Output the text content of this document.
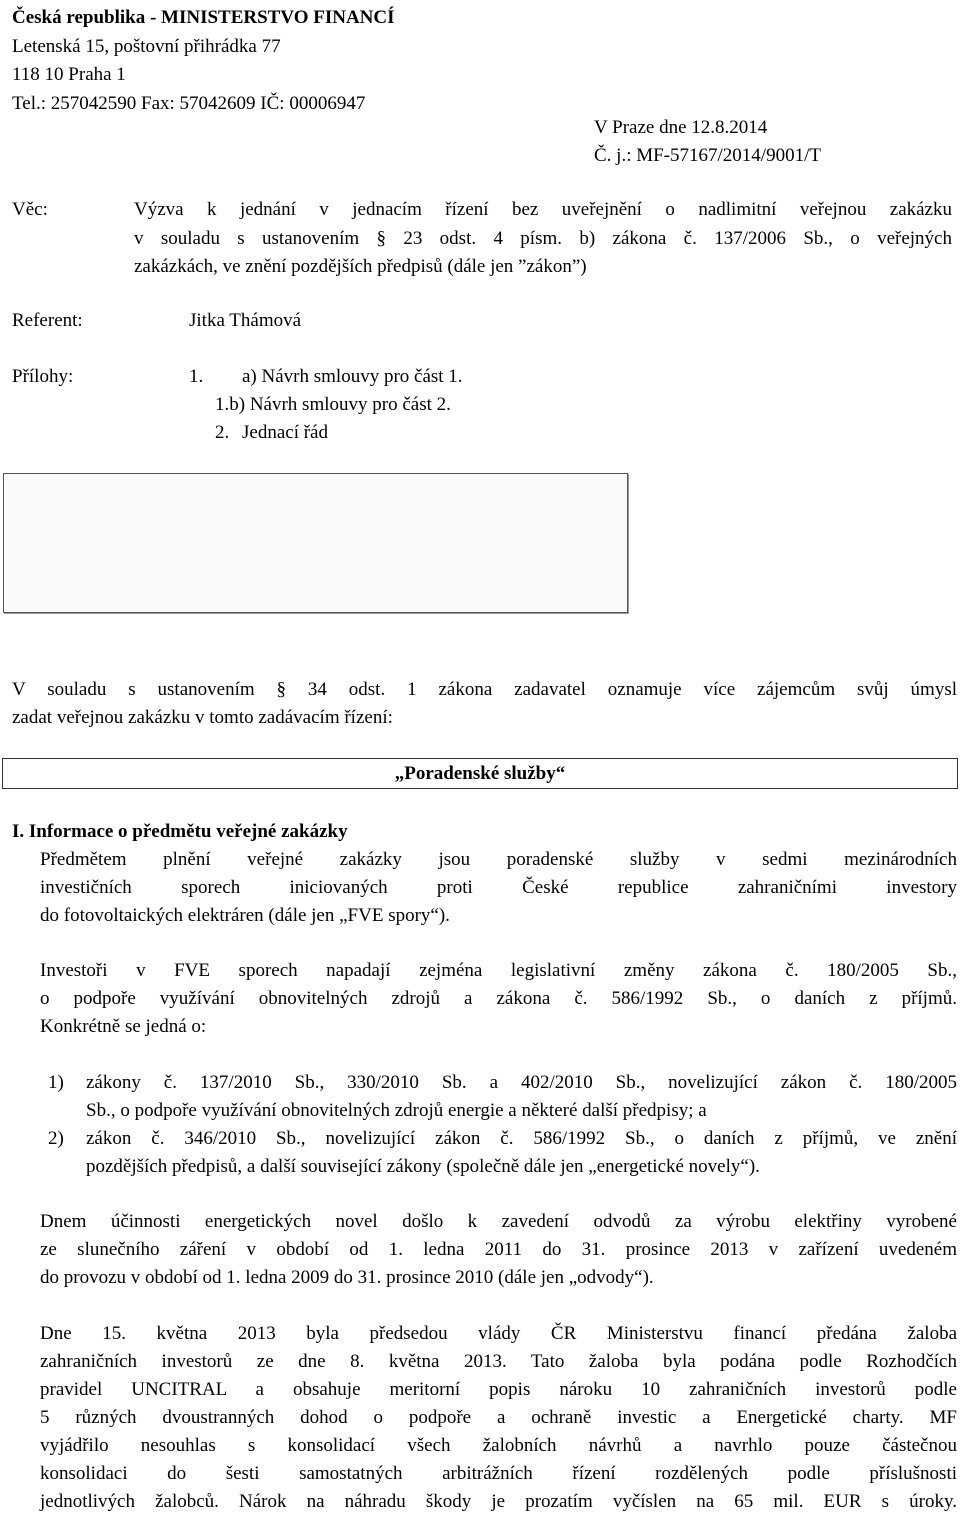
Česká republika - MINISTERSTVO FINANCÍ
Letenská 15, poštovní přihrádka 77
118 10 Praha 1
Tel.: 257042590 Fax: 57042609 IČ: 00006947
V Praze dne 12.8.2014
Č. j.: MF-57167/2014/9001/T
Věc:	Výzva k jednání v jednacím řízení bez uveřejnění o nadlimitní veřejnou zakázku
v souladu s ustanovením § 23 odst. 4 písm. b) zákona č. 137/2006 Sb., o veřejných
zakázkách, ve znění pozdějších předpisů (dále jen ”zákon”)
Referent:	Jitka Thámová
Přílohy:	1. a) Návrh smlouvy pro část 1.
1.b) Návrh smlouvy pro část 2.
2. Jednací řád
V souladu s ustanovením § 34 odst. 1 zákona zadavatel oznamuje více zájemcům svůj úmysl
zadat veřejnou zakázku v tomto zadávacím řízení:
„Poradenské služby“
I. Informace o předmětu veřejné zakázky
Předmětem plnění veřejné zakázky jsou poradenské služby v sedmi mezinárodních
investičních sporech iniciovaných proti České republice zahraničními investory
do fotovoltaických elektráren (dále jen „FVE spory“).
Investoři v FVE sporech napadají zejména legislativní změny zákona č. 180/2005 Sb.,
o podpoře využívání obnovitelných zdrojů a zákona č. 586/1992 Sb., o daních z příjmů.
Konkrétně se jedná o:
1) zákony č. 137/2010 Sb., 330/2010 Sb. a 402/2010 Sb., novelizující zákon č. 180/2005
Sb., o podpoře využívání obnovitelných zdrojů energie a některé další předpisy; a
2) zákon č. 346/2010 Sb., novelizující zákon č. 586/1992 Sb., o daních z příjmů, ve znění
pozdějších předpisů, a další související zákony (společně dále jen „energetické novely“).
Dnem účinnosti energetických novel došlo k zavedení odvodů za výrobu elektřiny vyrobené
ze slunečního záření v období od 1. ledna 2011 do 31. prosince 2013 v zařízení uvedeném
do provozu v období od 1. ledna 2009 do 31. prosince 2010 (dále jen „odvody“).
Dne 15. května 2013 byla předsedou vlády ČR Ministerstvu financí předána žaloba
zahraničních investorů ze dne 8. května 2013. Tato žaloba byla podána podle Rozhodčích
pravidel UNCITRAL a obsahuje meritorní popis nároku 10 zahraničních investorů podle
5 různých dvoustranných dohod o podpoře a ochraně investic a Energetické charty. MF
vyjádřilo nesouhlas s konsolidací všech žalobních návrhů a navrhlo pouze částečnou
konsolidaci do šesti samostatných arbitrážních řízení rozdělených podle příslušnosti
jednotlivých žalobců. Nárok na náhradu škody je prozatím vyčíslen na 65 mil. EUR s úroky.
